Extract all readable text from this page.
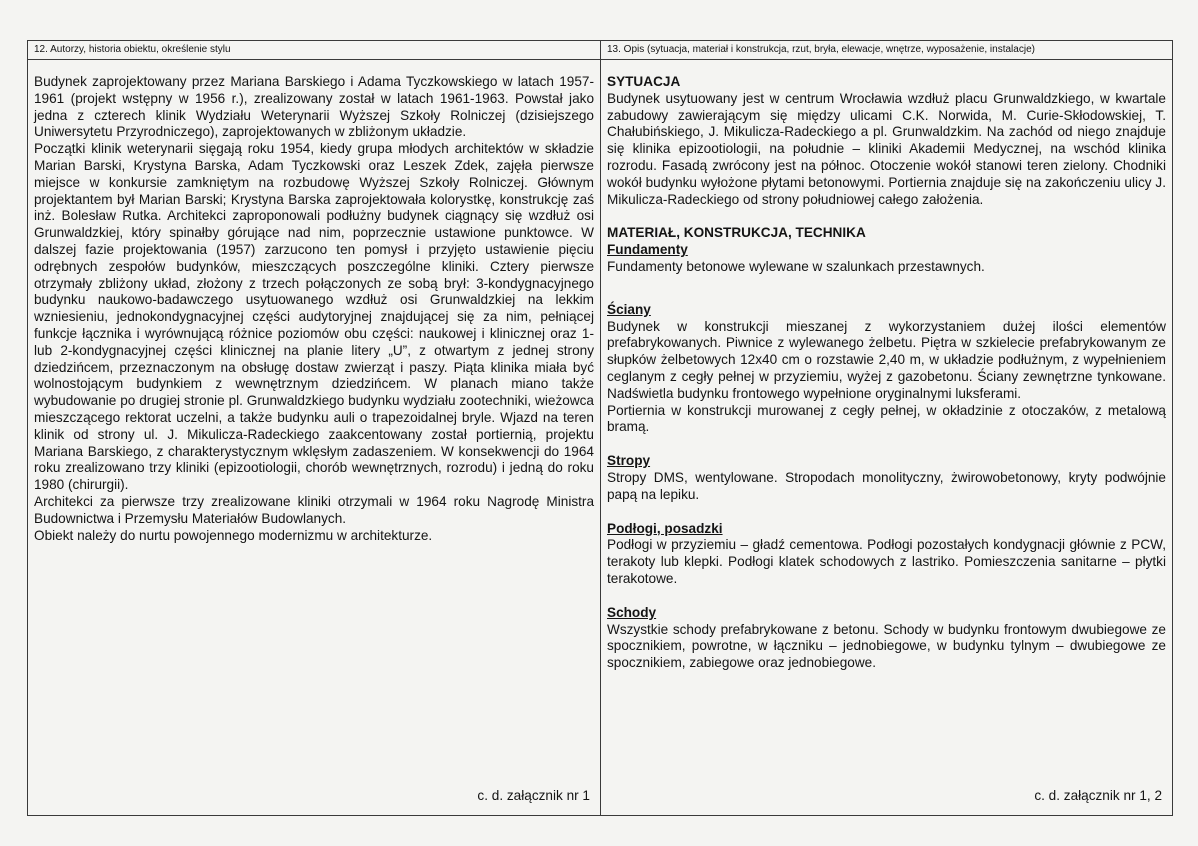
12. Autorzy, historia obiektu, określenie stylu

Budynek zaprojektowany przez Mariana Barskiego i Adama Tyczkowskiego w latach 1957-1961 (projekt wstępny w 1956 r.), zrealizowany został w latach 1961-1963. Powstał jako jedna z czterech klinik Wydziału Weterynarii Wyższej Szkoły Rolniczej (dzisiejszego Uniwersytetu Przyrodniczego), zaprojektowanych w zbliżonym układzie.

Początki klinik weterynarii sięgają roku 1954, kiedy grupa młodych architektów w składzie Marian Barski, Krystyna Barska, Adam Tyczkowski oraz Leszek Zdek, zajęła pierwsze miejsce w konkursie zamkniętym na rozbudowę Wyższej Szkoły Rolniczej. Głównym projektantem był Marian Barski; Krystyna Barska zaprojektowała kolorystkę, konstrukcję zaś inż. Bolesław Rutka. Architekci zaproponowali podłużny budynek ciągnący się wzdłuż osi Grunwaldzkiej, który spinałby górujące nad nim, poprzecznie ustawione punktowce. W dalszej fazie projektowania (1957) zarzucono ten pomysł i przyjęto ustawienie pięciu odrębnych zespołów budynków, mieszczących poszczególne kliniki. Cztery pierwsze otrzymały zbliżony układ, złożony z trzech połączonych ze sobą brył: 3-kondygnacyjnego budynku naukowo-badawczego usytuowanego wzdłuż osi Grunwaldzkiej na lekkim wzniesieniu, jednokondygnacyjnej części audytoryjnej znajdującej się za nim, pełniącej funkcje łącznika i wyrównującą różnice poziomów obu części: naukowej i klinicznej oraz 1- lub 2-kondygnacyjnej części klinicznej na planie litery „U”, z otwartym z jednej strony dziedzińcem, przeznaczonym na obsługę dostaw zwierząt i paszy. Piąta klinika miała być wolnostojącym budynkiem z wewnętrznym dziedzińcem. W planach miano także wybudowanie po drugiej stronie pl. Grunwaldzkiego budynku wydziału zootechniki, wieżowca mieszczącego rektorat uczelni, a także budynku auli o trapezoidalnej bryle. Wjazd na teren klinik od strony ul. J. Mikulicza-Radeckiego zaakcentowany został portiernią, projektu Mariana Barskiego, z charakterystycznym wklęsłym zadaszeniem. W konsekwencji do 1964 roku zrealizowano trzy kliniki (epizootiologii, chorób wewnętrznych, rozrodu) i jedną do roku 1980 (chirurgii).

Architekci za pierwsze trzy zrealizowane kliniki otrzymali w 1964 roku Nagrodę Ministra Budownictwa i Przemysłu Materiałów Budowlanych.

Obiekt należy do nurtu powojennego modernizmu w architekturze.

c. d. załącznik nr 1
13. Opis (sytuacja, materiał i konstrukcja, rzut, bryła, elewacje, wnętrze, wyposażenie, instalacje)

SYTUACJA

Budynek usytuowany jest w centrum Wrocławia wzdłuż placu Grunwaldzkiego, w kwartale zabudowy zawierającym się między ulicami C.K. Norwida, M. Curie-Skłodowskiej, T. Chałubińskiego, J. Mikulicza-Radeckiego a pl. Grunwaldzkim. Na zachód od niego znajduje się klinika epizootiologii, na południe – kliniki Akademii Medycznej, na wschód klinika rozrodu. Fasadą zwrócony jest na północ. Otoczenie wokół stanowi teren zielony. Chodniki wokół budynku wyłożone płytami betonowymi. Portiernia znajduje się na zakończeniu ulicy J. Mikulicza-Radeckiego od strony południowej całego założenia.

MATERIAŁ, KONSTRUKCJA, TECHNIKA

Fundamenty

Fundamenty betonowe wylewane w szalunkach przestawnych.

Ściany

Budynek w konstrukcji mieszanej z wykorzystaniem dużej ilości elementów prefabrykowanych. Piwnice z wylewanego żelbetu. Piętra w szkielecie prefabrykowanym ze słupków żelbetowych 12x40 cm o rozstawie 2,40 m, w układzie podłużnym, z wypełnieniem ceglanym z cegły pełnej w przyziemiu, wyżej z gazobetonu. Ściany zewnętrzne tynkowane. Nadświetla budynku frontowego wypełnione oryginalnymi luksferami.

Portiernia w konstrukcji murowanej z cegły pełnej, w okładzinie z otoczaków, z metalową bramą.

Stropy

Stropy DMS, wentylowane. Stropodach monolityczny, żwirowobetonowy, kryty podwójnie papą na lepiku.

Podłogi, posadzki

Podłogi w przyziemiu – gładź cementowa. Podłogi pozostałych kondygnacji głównie z PCW, terakoty lub klepki. Podłogi klatek schodowych z lastriko. Pomieszczenia sanitarne – płytki terakotowe.

Schody

Wszystkie schody prefabrykowane z betonu. Schody w budynku frontowym dwubiegowe ze spocznikiem, powrotne, w łączniku – jednobiegowe, w budynku tylnym – dwubiegowe ze spocznikiem, zabiegowe oraz jednobiegowe.

c. d. załącznik nr 1, 2
